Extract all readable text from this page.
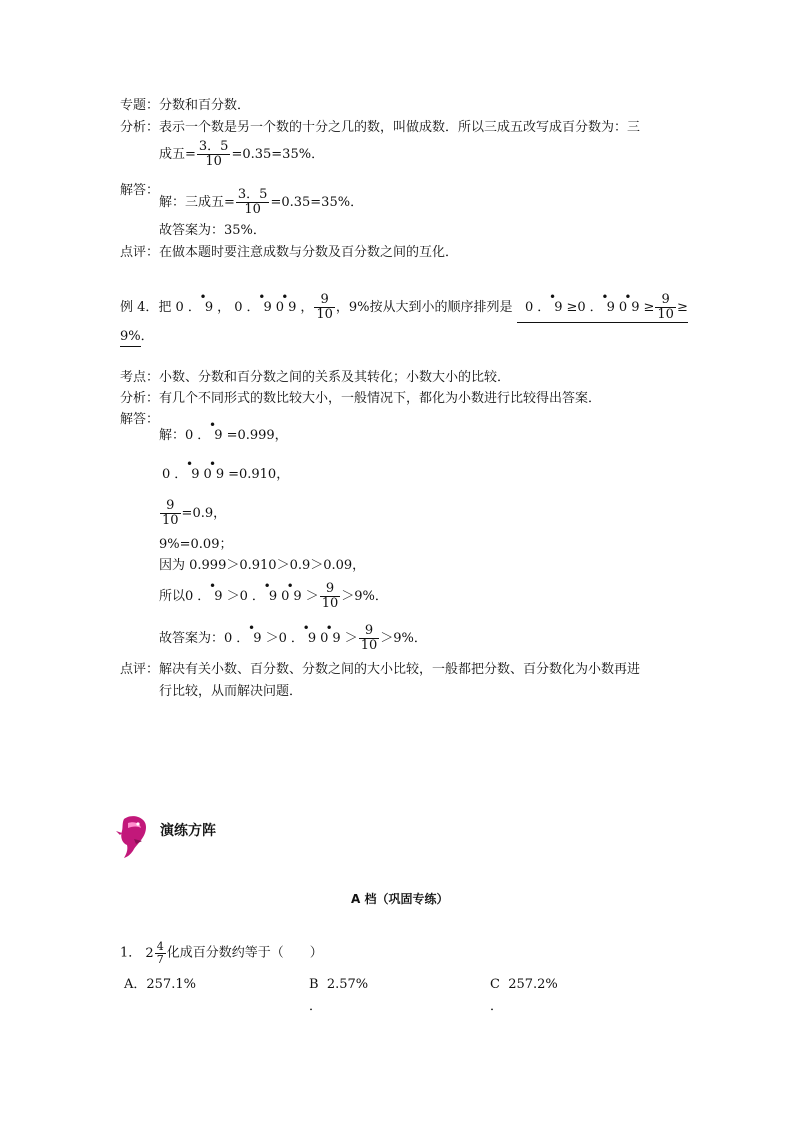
专题：分数和百分数．
分析：表示一个数是另一个数的十分之几的数，叫做成数．所以三成五改写成百分数为：三
成五= $\frac{3.5}{10} =0.35=35\%$．
解答：
解：三成五= $\frac{3.5}{10} =0.35=35\%$．
故答案为：35%．
点评：在做本题时要注意成数与分数及百分数之间的互化．
例 4．把 0．9
•
， 0．909
• •
， $\frac{9}{10}$ ，9%按从大到小的顺序排列是 0．9
•
≥0．909
• •
≥ $\frac{9}{10}$ ≥
9%．
考点：小数、分数和百分数之间的关系及其转化；小数大小的比较．
分析：有几个不同形式的数比较大小，一般情况下，都化为小数进行比较得出答案．
解答：
解：0．9
•
=0.999，
0．909
• •
=0.910，
$\frac{9}{10} =0.9$，
9%=0.09；
因为 0.999＞0.910＞0.9＞0.09，
所以0．9
•
＞0．909
• •
＞ $\frac{9}{10} >9\%$．
故答案为：0．9
•
＞0．909
• •
＞ $\frac{9}{10} >9\%$．
点评：解决有关小数、百分数、分数之间的大小比较，一般都把分数、百分数化为小数再进
行比较，从而解决问题．
演练方阵
A 档（巩固专练）
1． $2 \frac{4}{7}$ 化成百分数约等于（　　）
A．257.1%	B 2.57%
．
C 257.2%
．
